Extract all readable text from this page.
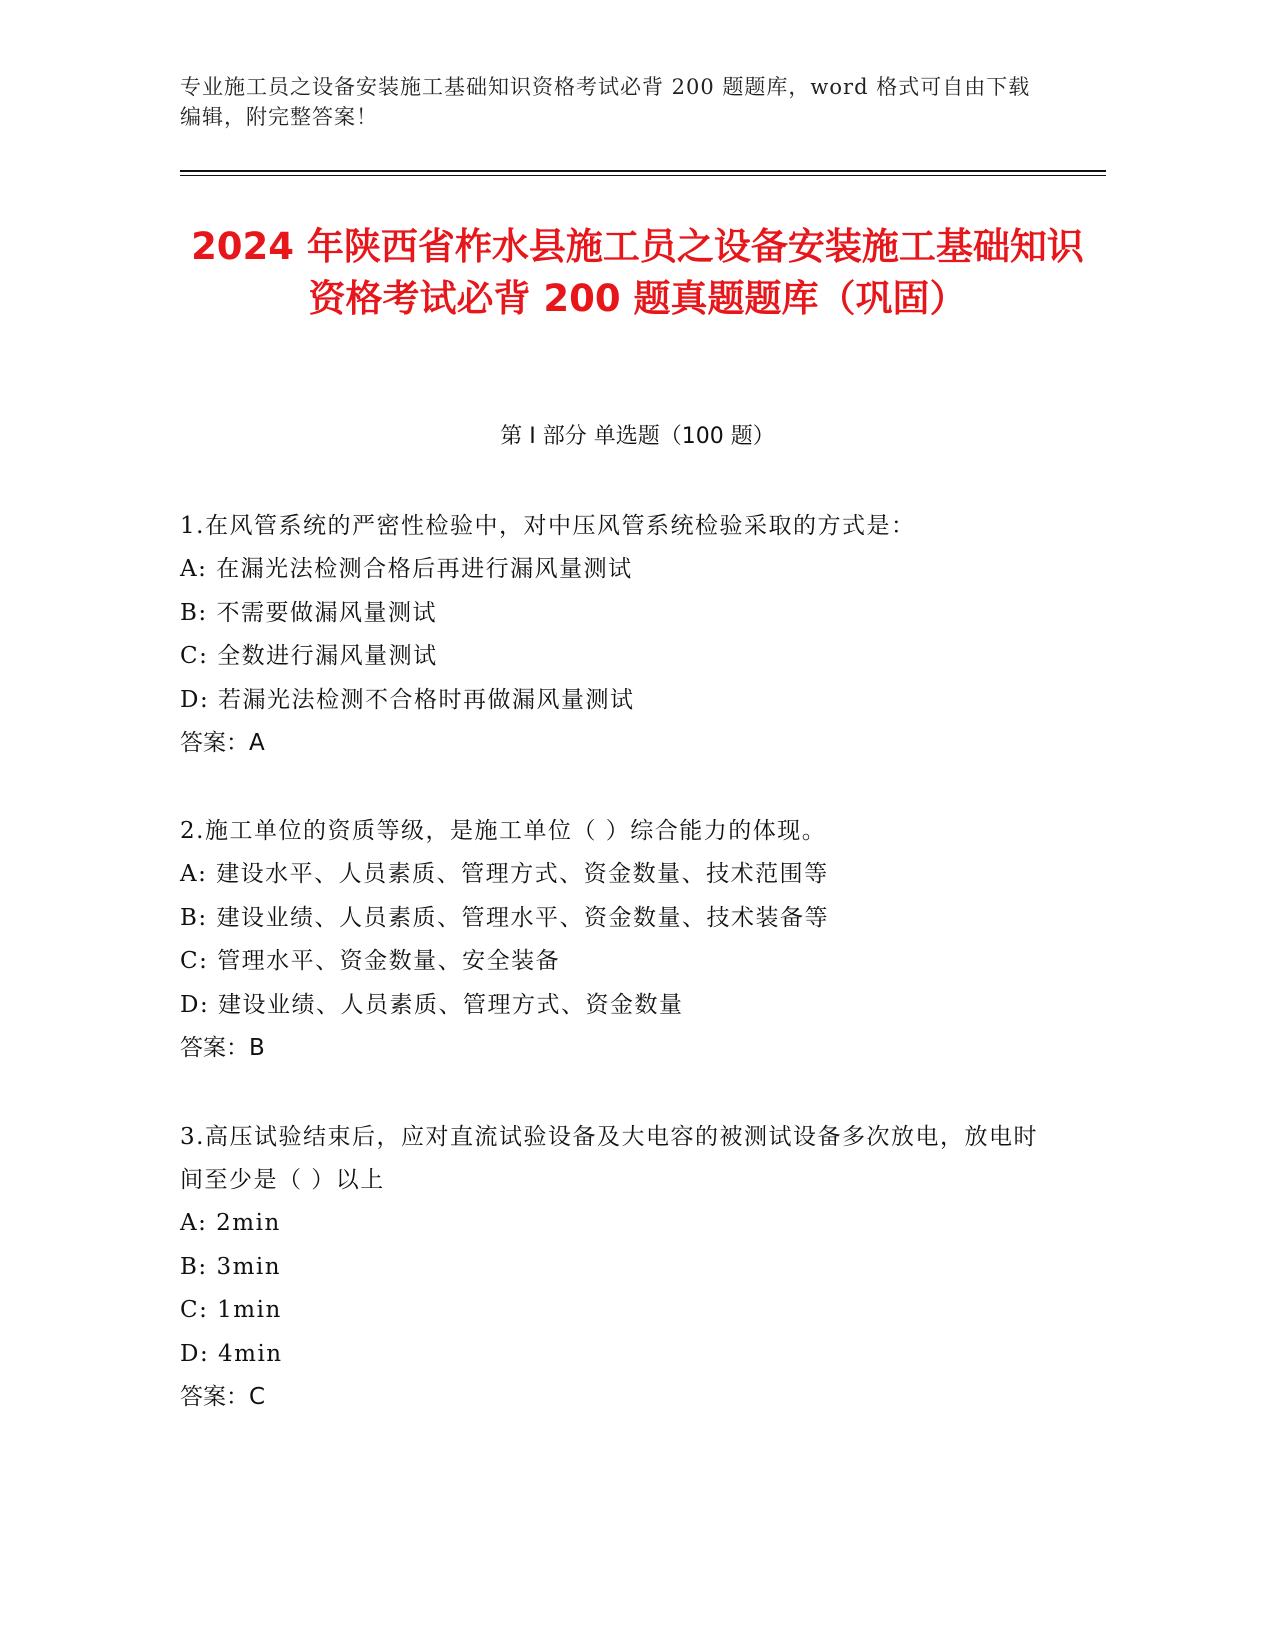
专业施工员之设备安装施工基础知识资格考试必背 200 题题库，word 格式可自由下载编辑，附完整答案！
2024 年陕西省柞水县施工员之设备安装施工基础知识资格考试必背 200 题真题题库（巩固）
第 I 部分 单选题（100 题）
1.在风管系统的严密性检验中，对中压风管系统检验采取的方式是：
A: 在漏光法检测合格后再进行漏风量测试
B: 不需要做漏风量测试
C: 全数进行漏风量测试
D: 若漏光法检测不合格时再做漏风量测试
答案：A
2.施工单位的资质等级，是施工单位（ ）综合能力的体现。
A: 建设水平、人员素质、管理方式、资金数量、技术范围等
B: 建设业绩、人员素质、管理水平、资金数量、技术装备等
C: 管理水平、资金数量、安全装备
D: 建设业绩、人员素质、管理方式、资金数量
答案：B
3.高压试验结束后，应对直流试验设备及大电容的被测试设备多次放电，放电时间至少是（ ）以上
A: 2min
B: 3min
C: 1min
D: 4min
答案：C
